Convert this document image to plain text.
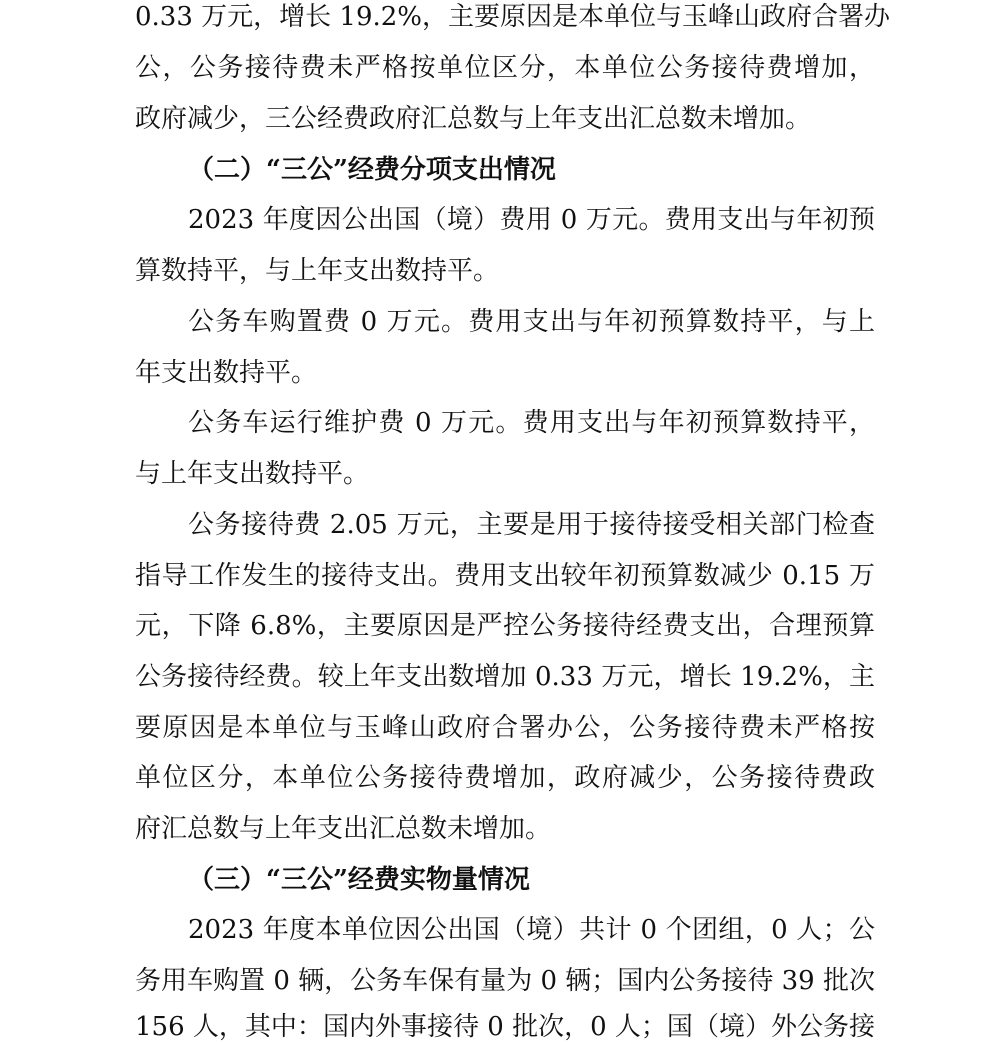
0.33 万元，增长 19.2%，主要原因是本单位与玉峰山政府合署办
公，公务接待费未严格按单位区分，本单位公务接待费增加，
政府减少，三公经费政府汇总数与上年支出汇总数未增加。
（二）“三公”经费分项支出情况
2023 年度因公出国（境）费用 0 万元。费用支出与年初预
算数持平，与上年支出数持平。
公务车购置费 0 万元。费用支出与年初预算数持平，与上
年支出数持平。
公务车运行维护费 0 万元。费用支出与年初预算数持平，
与上年支出数持平。
公务接待费 2.05 万元，主要是用于接待接受相关部门检查
指导工作发生的接待支出。费用支出较年初预算数减少 0.15 万
元，下降 6.8%，主要原因是严控公务接待经费支出，合理预算
公务接待经费。较上年支出数增加 0.33 万元，增长 19.2%，主
要原因是本单位与玉峰山政府合署办公，公务接待费未严格按
单位区分，本单位公务接待费增加，政府减少，公务接待费政
府汇总数与上年支出汇总数未增加。
（三）“三公”经费实物量情况
2023 年度本单位因公出国（境）共计 0 个团组，0 人；公
务用车购置 0 辆，公务车保有量为 0 辆；国内公务接待 39 批次
156 人，其中：国内外事接待 0 批次，0 人；国（境）外公务接
